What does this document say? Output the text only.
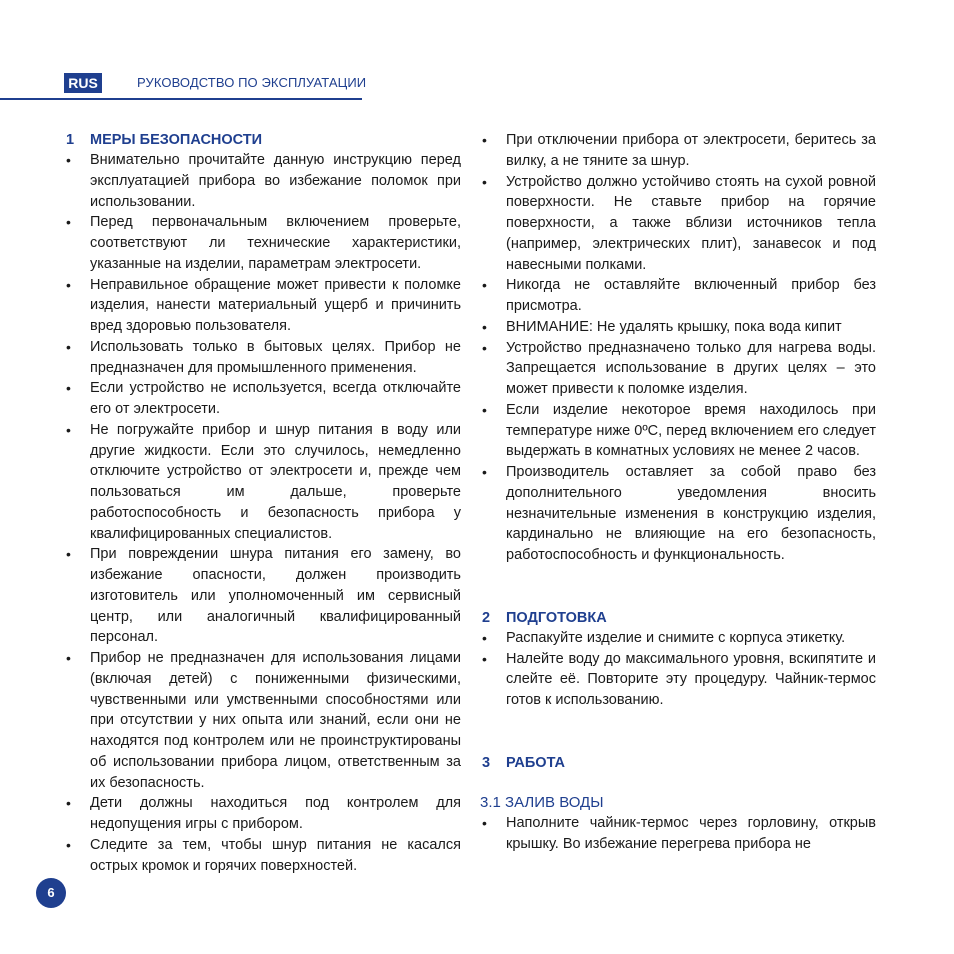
RUS	РУКОВОДСТВО ПО ЭКСПЛУАТАЦИИ
1	МЕРЫ БЕЗОПАСНОСТИ
• Внимательно прочитайте данную инструкцию перед эксплуатацией прибора во избежание поломок при использовании.
• Перед первоначальным включением проверьте, соответствуют ли технические характеристики, указанные на изделии, параметрам электросети.
• Неправильное обращение может привести к поломке изделия, нанести материальный ущерб и причинить вред здоровью пользователя.
• Использовать только в бытовых целях. Прибор не предназначен для промышленного применения.
• Если устройство не используется, всегда отключайте его от электросети.
• Не погружайте прибор и шнур питания в воду или другие жидкости. Если это случилось, немедленно отключите устройство от электросети и, прежде чем пользоваться им дальше, проверьте работоспособность и безопасность прибора у квалифицированных специалистов.
• При повреждении шнура питания его замену, во избежание опасности, должен производить изготовитель или уполномоченный им сервисный центр, или аналогичный квалифицированный персонал.
• Прибор не предназначен для использования лицами (включая детей) с пониженными физическими, чувственными или умственными способностями или при отсутствии у них опыта или знаний, если они не находятся под контролем или не проинструктированы об использовании прибора лицом, ответственным за их безопасность.
• Дети должны находиться под контролем для недопущения игры с прибором.
• Следите за тем, чтобы шнур питания не касался острых кромок и горячих поверхностей.
• При отключении прибора от электросети, беритесь за вилку, а не тяните за шнур.
• Устройство должно устойчиво стоять на сухой ровной поверхности. Не ставьте прибор на горячие поверхности, а также вблизи источников тепла (например, электрических плит), занавесок и под навесными полками.
• Никогда не оставляйте включенный прибор без присмотра.
• ВНИМАНИЕ: Не удалять крышку, пока вода кипит
• Устройство предназначено только для нагрева воды. Запрещается использование в других целях – это может привести к поломке изделия.
• Если изделие некоторое время находилось при температуре ниже 0ºС, перед включением его следует выдержать в комнатных условиях не менее 2 часов.
• Производитель оставляет за собой право без дополнительного уведомления вносить незначительные изменения в конструкцию изделия, кардинально не влияющие на его безопасность, работоспособность и функциональность.
2	ПОДГОТОВКА
• Распакуйте изделие и снимите с корпуса этикетку.
• Налейте воду до максимального уровня, вскипятите и слейте её. Повторите эту процедуру. Чайник-термос готов к использованию.
3	РАБОТА
3.1 ЗАЛИВ ВОДЫ
• Наполните чайник-термос через горловину, открыв крышку. Во избежание перегрева прибора не
6
